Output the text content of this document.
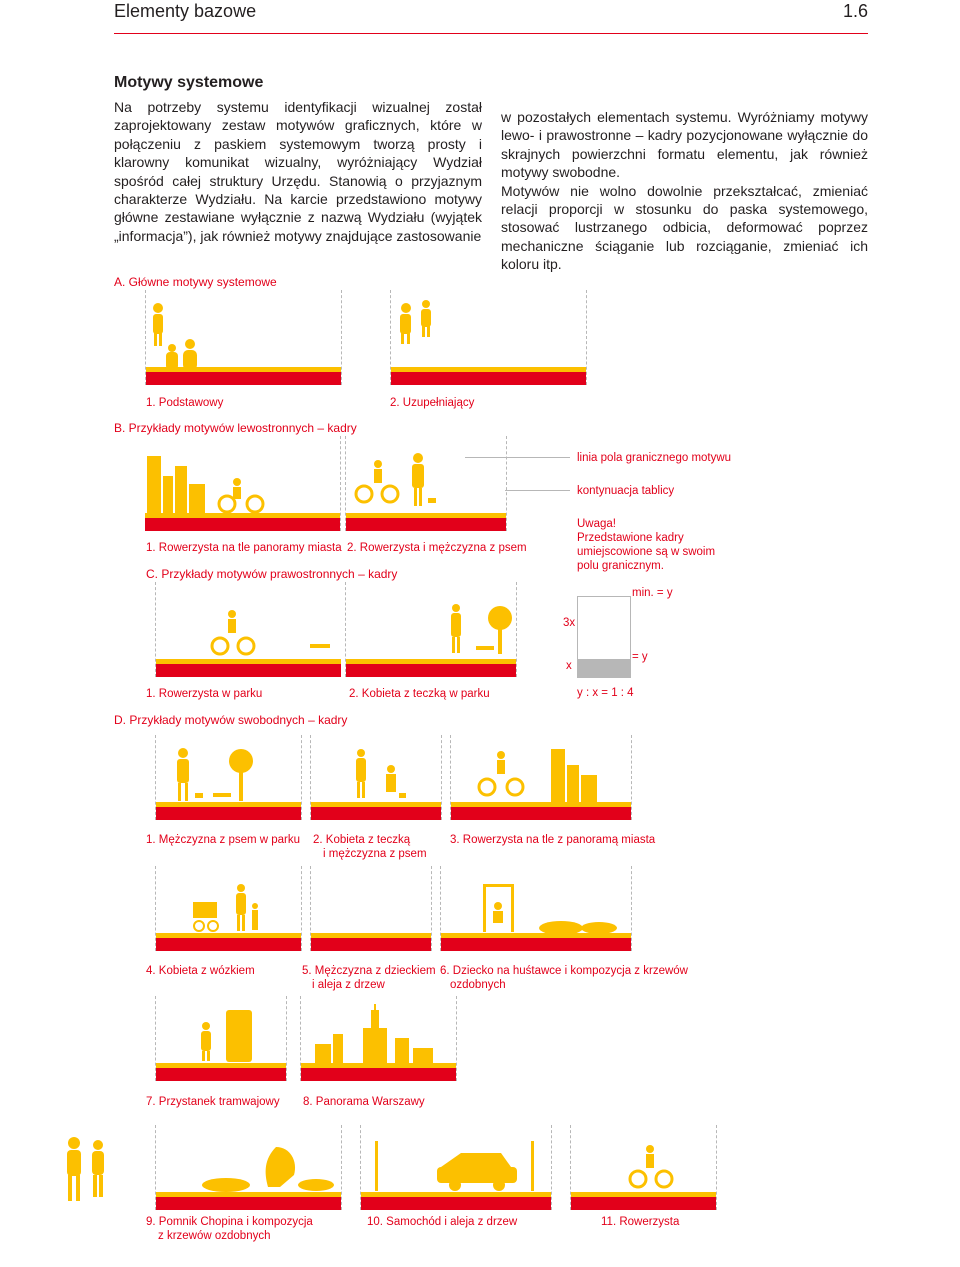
Elementy bazowe	1.6
Motywy systemowe

Na potrzeby systemu identyfikacji wizualnej został zaprojektowany zestaw motywów graficznych, które w połączeniu z paskiem systemowym tworzą prosty i klarowny komunikat wizualny, wyróżniający Wydział spośród całej struktury Urzędu. Stanowią o przyjaznym charakterze Wydziału. Na karcie przedstawiono motywy główne zestawiane wyłącznie z nazwą Wydziału (wyjątek „informacja”), jak również motywy znajdujące zastosowanie

w pozostałych elementach systemu. Wyróżniamy motywy lewo- i prawostronne – kadry pozycjonowane wyłącznie do skrajnych powierzchni formatu elementu, jak również motywy swobodne.

Motywów nie wolno dowolnie przekształcać, zmieniać relacji proporcji w stosunku do paska systemowego, stosować lustrzanego odbicia, deformować poprzez mechaniczne ściąganie lub rozciąganie, zmieniać ich koloru itp.

A. Główne motywy systemowe
1. Podstawowy	2. Uzupełniający
B. Przykłady motywów lewostronnych – kadry
linia pola granicznego motywu
kontynuacja tablicy
1. Rowerzysta na tle panoramy miasta 2. Rowerzysta i mężczyzna z psem
Uwaga!
Przedstawione kadry
umiejscowione są w swoim
polu granicznym.
C. Przykłady motywów prawostronnych – kadry
1. Rowerzysta w parku	2. Kobieta z teczką w parku
3x
x
min. = y
= y
y : x = 1 : 4
D. Przykłady motywów swobodnych – kadry
1. Mężczyzna z psem w parku 2. Kobieta z teczką
i mężczyzna z psem
3. Rowerzysta na tle z panoramą miasta
4. Kobieta z wózkiem	5. Mężczyzna z dzieckiem
i aleja z drzew
6. Dziecko na huśtawce i kompozycja z krzewów
ozdobnych
7. Przystanek tramwajowy 8. Panorama Warszawy
9. Pomnik Chopina i kompozycja
z krzewów ozdobnych
10. Samochód i aleja z drzew	11. Rowerzysta
